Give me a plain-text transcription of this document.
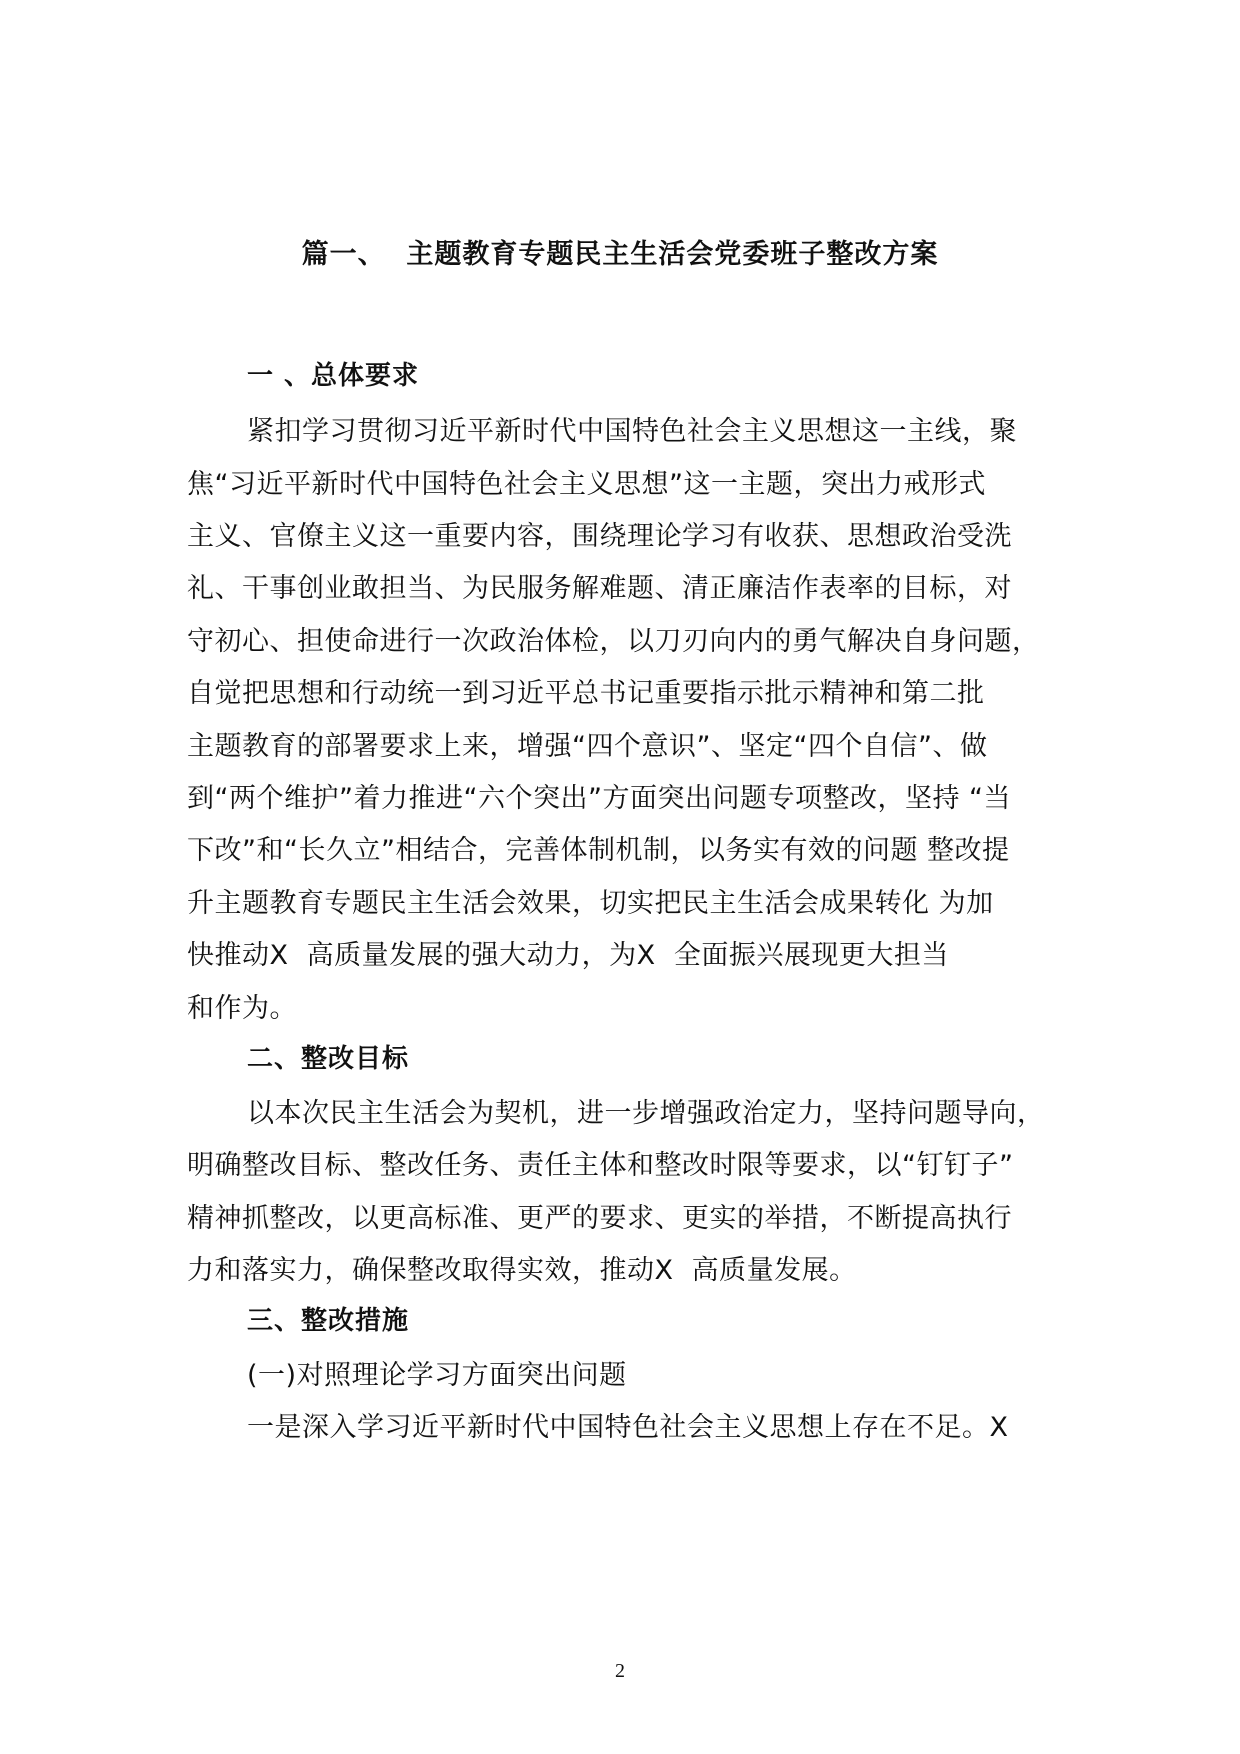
篇一、  主题教育专题民主生活会党委班子整改方案
一 、总体要求
紧扣学习贯彻习近平新时代中国特色社会主义思想这一主线，聚
焦“习近平新时代中国特色社会主义思想”这一主题，突出力戒形式
主义、官僚主义这一重要内容，围绕理论学习有收获、思想政治受洗
礼、干事创业敢担当、为民服务解难题、清正廉洁作表率的目标，对
守初心、担使命进行一次政治体检，以刀刃向内的勇气解决自身问题，
自觉把思想和行动统一到习近平总书记重要指示批示精神和第二批
主题教育的部署要求上来，增强“四个意识”、坚定“四个自信”、做
到“两个维护”着力推进“六个突出”方面突出问题专项整改，坚持 “当
下改”和“长久立”相结合，完善体制机制，以务实有效的问题 整改提
升主题教育专题民主生活会效果，切实把民主生活会成果转化 为加
快推动X  高质量发展的强大动力，为X  全面振兴展现更大担当
和作为。
二、整改目标
以本次民主生活会为契机，进一步增强政治定力，坚持问题导向，
明确整改目标、整改任务、责任主体和整改时限等要求，以“钉钉子”
精神抓整改，以更高标准、更严的要求、更实的举措，不断提高执行
力和落实力，确保整改取得实效，推动X  高质量发展。
三、整改措施
(一)对照理论学习方面突出问题
一是深入学习近平新时代中国特色社会主义思想上存在不足。X
2
